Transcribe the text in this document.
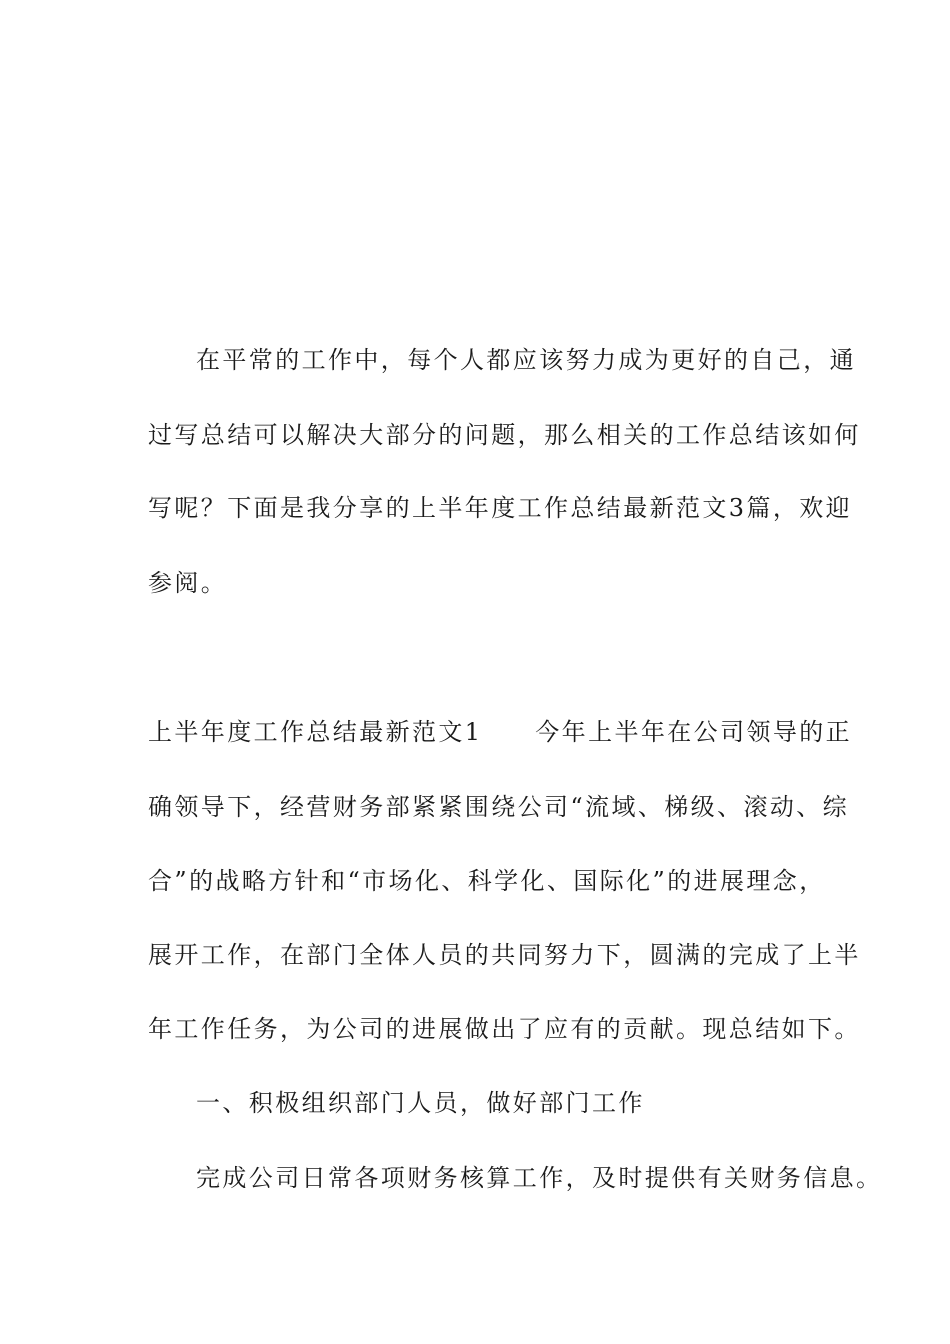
在平常的工作中，每个人都应该努力成为更好的自己，通
过写总结可以解决大部分的问题，那么相关的工作总结该如何
写呢？下面是我分享的上半年度工作总结最新范文3篇，欢迎
参阅。
上半年度工作总结最新范文1　　今年上半年在公司领导的正
确领导下，经营财务部紧紧围绕公司“流域、梯级、滚动、综
合”的战略方针和“市场化、科学化、国际化”的进展理念，
展开工作，在部门全体人员的共同努力下，圆满的完成了上半
年工作任务，为公司的进展做出了应有的贡献。现总结如下。
一、积极组织部门人员，做好部门工作
完成公司日常各项财务核算工作，及时提供有关财务信息。
